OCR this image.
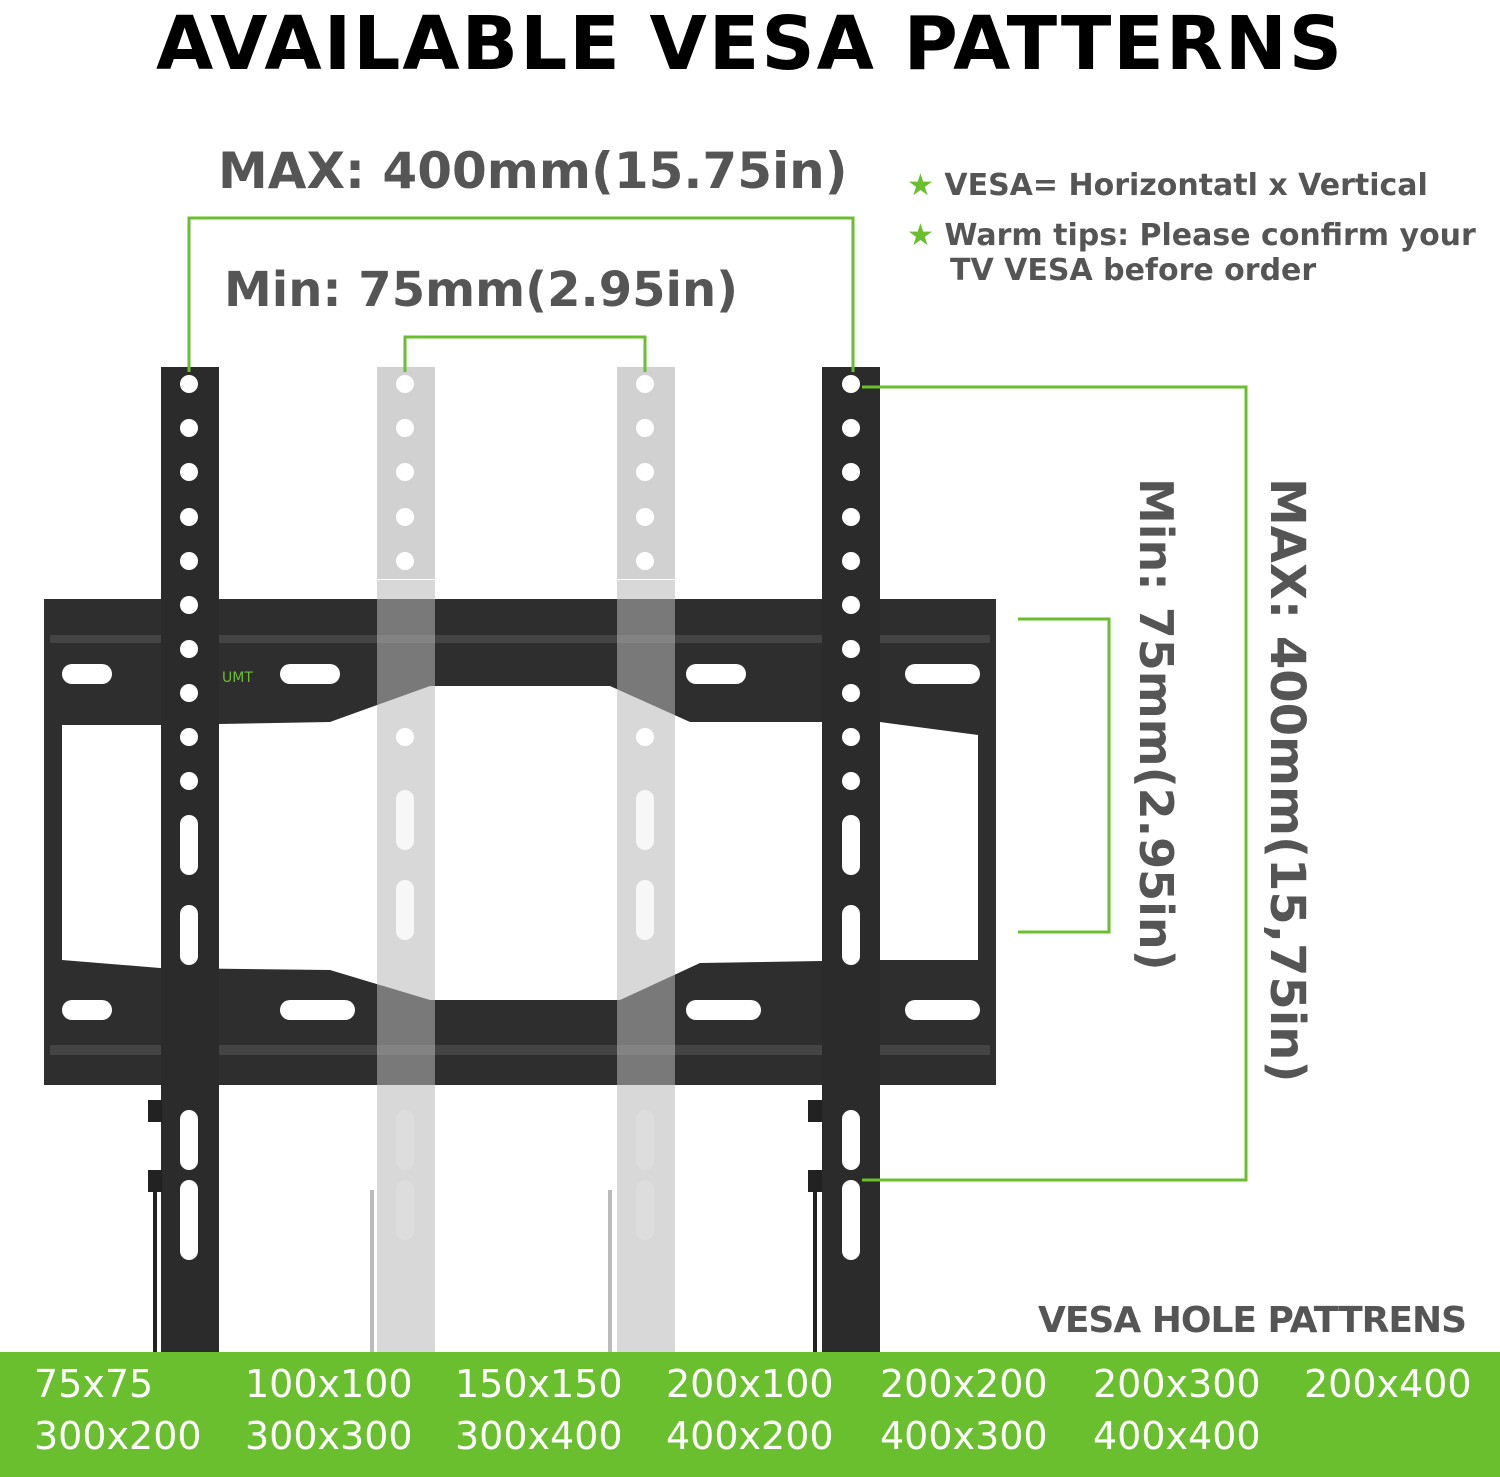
AVAILABLE VESA PATTERNS
UMT
MAX: 400mm(15.75in)
Min: 75mm(2.95in)
MAX: 400mm(15,75in)
Min: 75mm(2.95in)
★ VESA= Horizontatl x Vertical
★ Warm tips: Please confirm your
TV VESA before order
VESA HOLE PATTRENS
75x75 100x100 150x150 200x100 200x200 200x300 200x400
300x200 300x300 300x400 400x200 400x300 400x400
